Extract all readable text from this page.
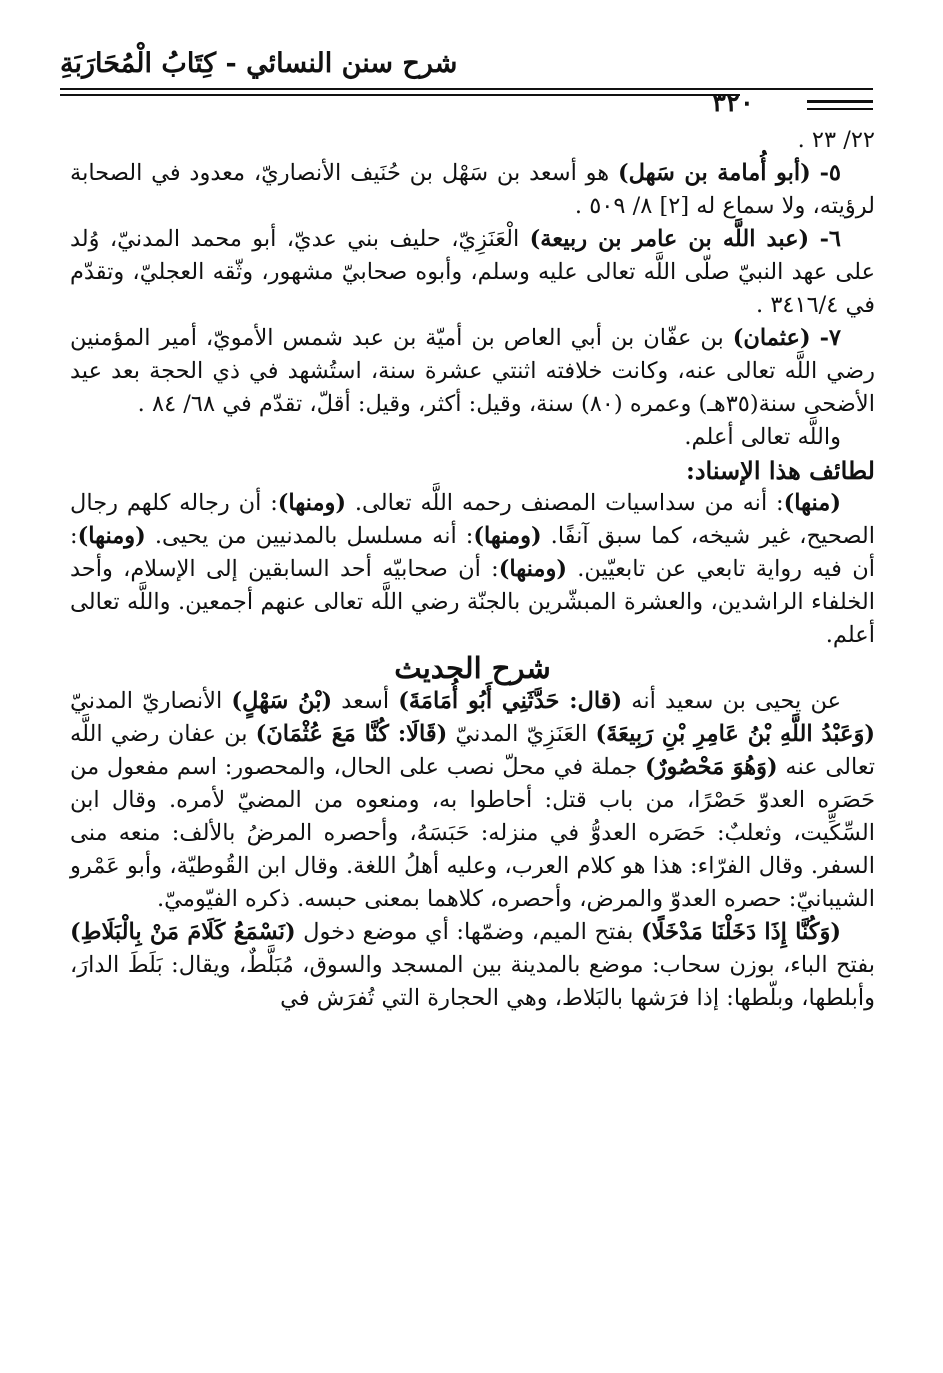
شرح سنن النسائي - كِتَابُ الْمُحَارَبَةِ
٣٢٠

٢٢/ ٢٣ .

٥- (أبو أُمامة بن سَهل) هو أسعد بن سَهْل بن حُنَيف الأنصاريّ، معدود في الصحابة لرؤيته، ولا سماع له [٢] ٨/ ٥٠٩ .

٦- (عبد اللَّه بن عامر بن ربيعة) الْعَنَزِيّ، حليف بني عديّ، أبو محمد المدنيّ، وُلد على عهد النبيّ صلّى اللَّه تعالى عليه وسلم، وأبوه صحابيّ مشهور، وثّقه العجليّ، وتقدّم في ٣٤١٦/٤ .

٧- (عثمان) بن عفّان بن أبي العاص بن أميّة بن عبد شمس الأمويّ، أمير المؤمنين رضي اللَّه تعالى عنه، وكانت خلافته اثنتي عشرة سنة، استُشهد في ذي الحجة بعد عيد الأضحى سنة(٣٥هـ) وعمره (٨٠) سنة، وقيل: أكثر، وقيل: أقلّ، تقدّم في ٦٨/ ٨٤ .

واللَّه تعالى أعلم.

لطائف هذا الإسناد:

(منها): أنه من سداسيات المصنف رحمه اللَّه تعالى. (ومنها): أن رجاله كلهم رجال الصحيح، غير شيخه، كما سبق آنفًا. (ومنها): أنه مسلسل بالمدنيين من يحيى. (ومنها): أن فيه رواية تابعي عن تابعيّين. (ومنها): أن صحابيّه أحد السابقين إلى الإسلام، وأحد الخلفاء الراشدين، والعشرة المبشّرين بالجنّة رضي اللَّه تعالى عنهم أجمعين. واللَّه تعالى أعلم.

شرح الحديث

عن يحيى بن سعيد أنه (قال: حَدَّثَنِي أَبُو أُمَامَةَ) أسعد (بْنُ سَهْلٍ) الأنصاريّ المدنيّ (وَعَبْدُ اللَّهِ بْنُ عَامِرِ بْنِ رَبِيعَةَ) العَنَزِيّ المدنيّ (قَالَا: كُنَّا مَعَ عُثْمَانَ) بن عفان رضي اللَّه تعالى عنه (وَهُوَ مَحْصُورٌ) جملة في محلّ نصب على الحال، والمحصور: اسم مفعول من حَصَره العدوّ حَصْرًا، من باب قتل: أحاطوا به، ومنعوه من المضيّ لأمره. وقال ابن السِّكِّيت، وثعلبٌ: حَصَره العدوُّ في منزله: حَبَسَهُ، وأحصره المرضُ بالألف: منعه منى السفر. وقال الفرّاء: هذا هو كلام العرب، وعليه أهلُ اللغة. وقال ابن القُوطيّة، وأبو عَمْرو الشيبانيّ: حصره العدوّ والمرض، وأحصره، كلاهما بمعنى حبسه. ذكره الفيّوميّ.

(وَكُنَّا إِذَا دَخَلْنَا مَدْخَلًا) بفتح الميم، وضمّها: أي موضع دخول (نَسْمَعُ كَلَامَ مَنْ بِالْبَلَاطِ) بفتح الباء، بوزن سحاب: موضع بالمدينة بين المسجد والسوق، مُبَلَّطٌ، ويقال: بَلَطَ الدارَ، وأبلطها، وبلّطها: إذا فرَشها بالبَلاط، وهي الحجارة التي تُفرَش في
